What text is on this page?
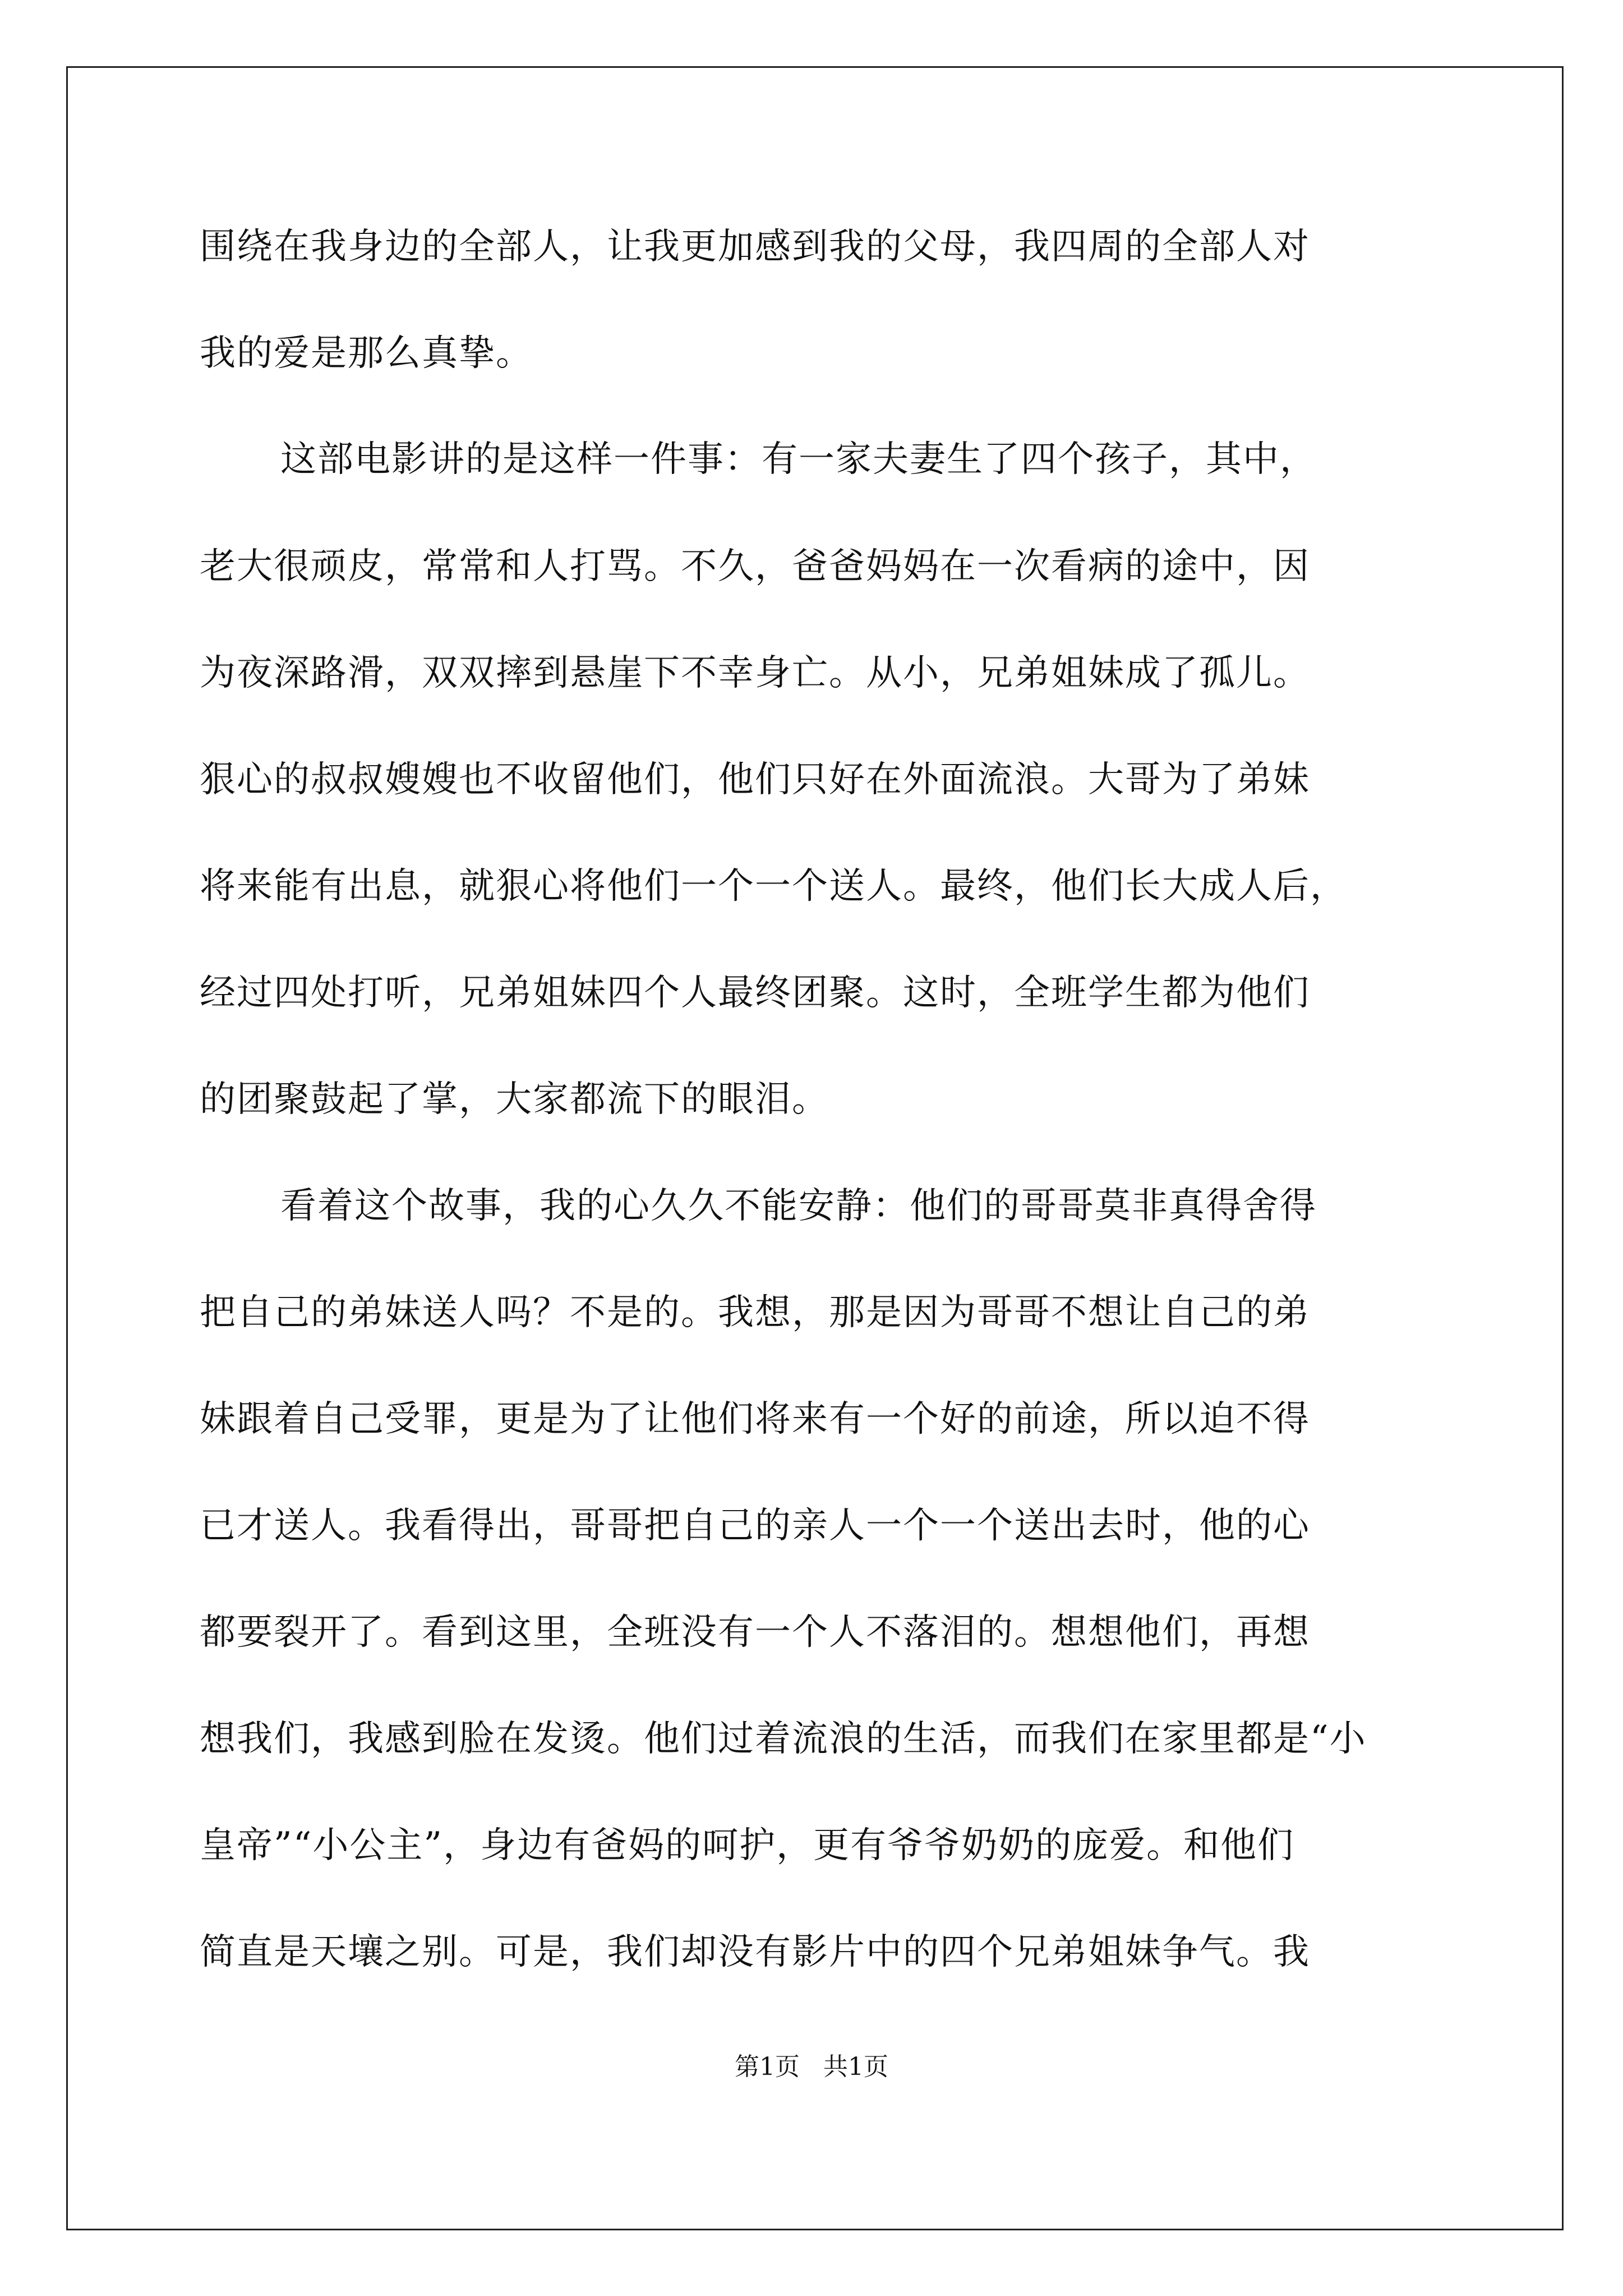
围绕在我身边的全部人，让我更加感到我的父母，我四周的全部人对
我的爱是那么真挚。
这部电影讲的是这样一件事：有一家夫妻生了四个孩子，其中，
老大很顽皮，常常和人打骂。不久，爸爸妈妈在一次看病的途中，因
为夜深路滑，双双摔到悬崖下不幸身亡。从小，兄弟姐妹成了孤儿。
狠心的叔叔嫂嫂也不收留他们，他们只好在外面流浪。大哥为了弟妹
将来能有出息，就狠心将他们一个一个送人。最终，他们长大成人后，
经过四处打听，兄弟姐妹四个人最终团聚。这时，全班学生都为他们
的团聚鼓起了掌，大家都流下的眼泪。
看着这个故事，我的心久久不能安静：他们的哥哥莫非真得舍得
把自己的弟妹送人吗？不是的。我想，那是因为哥哥不想让自己的弟
妹跟着自己受罪，更是为了让他们将来有一个好的前途，所以迫不得
已才送人。我看得出，哥哥把自己的亲人一个一个送出去时，他的心
都要裂开了。看到这里，全班没有一个人不落泪的。想想他们，再想
想我们，我感到脸在发烫。他们过着流浪的生活，而我们在家里都是“小
皇帝”“小公主”，身边有爸妈的呵护，更有爷爷奶奶的庞爱。和他们
简直是天壤之别。可是，我们却没有影片中的四个兄弟姐妹争气。我
第1页 共1页
